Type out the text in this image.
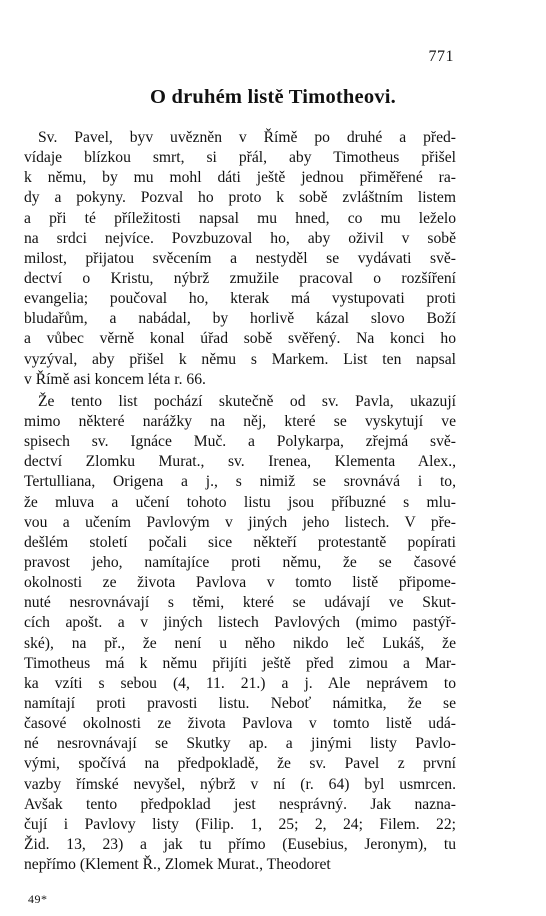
771
O druhém listě Timotheovi.
Sv. Pavel, byv uvězněn v Římě po druhé a před-
vídaje blízkou smrt, si přál, aby Timotheus přišel
k němu, by mu mohl dáti ještě jednou přiměřené ra-
dy a pokyny. Pozval ho proto k sobě zvláštním listem
a při té příležitosti napsal mu hned, co mu leželo
na srdci nejvíce. Povzbuzoval ho, aby oživil v sobě
milost, přijatou svěcením a nestyděl se vydávati svě-
dectví o Kristu, nýbrž zmužile pracoval o rozšíření
evangelia; poučoval ho, kterak má vystupovati proti
bludařům, a nabádal, by horlivě kázal slovo Boží
a vůbec věrně konal úřad sobě svěřený. Na konci ho
vyzýval, aby přišel k němu s Markem. List ten napsal
v Římě asi koncem léta r. 66.
Že tento list pochází skutečně od sv. Pavla, ukazují
mimo některé narážky na něj, které se vyskytují ve
spisech sv. Ignáce Muč. a Polykarpa, zřejmá svě-
dectví Zlomku Murat., sv. Irenea, Klementa Alex.,
Tertulliana, Origena a j., s nimiž se srovnává i to,
že mluva a učení tohoto listu jsou příbuzné s mlu-
vou a učením Pavlovým v jiných jeho listech. V pře-
dešlém století počali sice někteří protestantě popírati
pravost jeho, namítajíce proti němu, že se časové
okolnosti ze života Pavlova v tomto listě připome-
nuté nesrovnávají s těmi, které se udávají ve Skut-
cích apošt. a v jiných listech Pavlových (mimo pastýř-
ské), na př., že není u něho nikdo leč Lukáš, že
Timotheus má k němu přijíti ještě před zimou a Mar-
ka vzíti s sebou (4, 11. 21.) a j. Ale neprávem to
namítají proti pravosti listu. Neboť námitka, že se
časové okolnosti ze života Pavlova v tomto listě udá-
né nesrovnávají se Skutky ap. a jinými listy Pavlo-
vými, spočívá na předpokladě, že sv. Pavel z první
vazby římské nevyšel, nýbrž v ní (r. 64) byl usmrcen.
Avšak tento předpoklad jest nesprávný. Jak nazna-
čují i Pavlovy listy (Filip. 1, 25; 2, 24; Filem. 22;
Žid. 13, 23) a jak tu přímo (Eusebius, Jeronym), tu
nepřímo (Klement Ř., Zlomek Murat., Theodoret
49*
